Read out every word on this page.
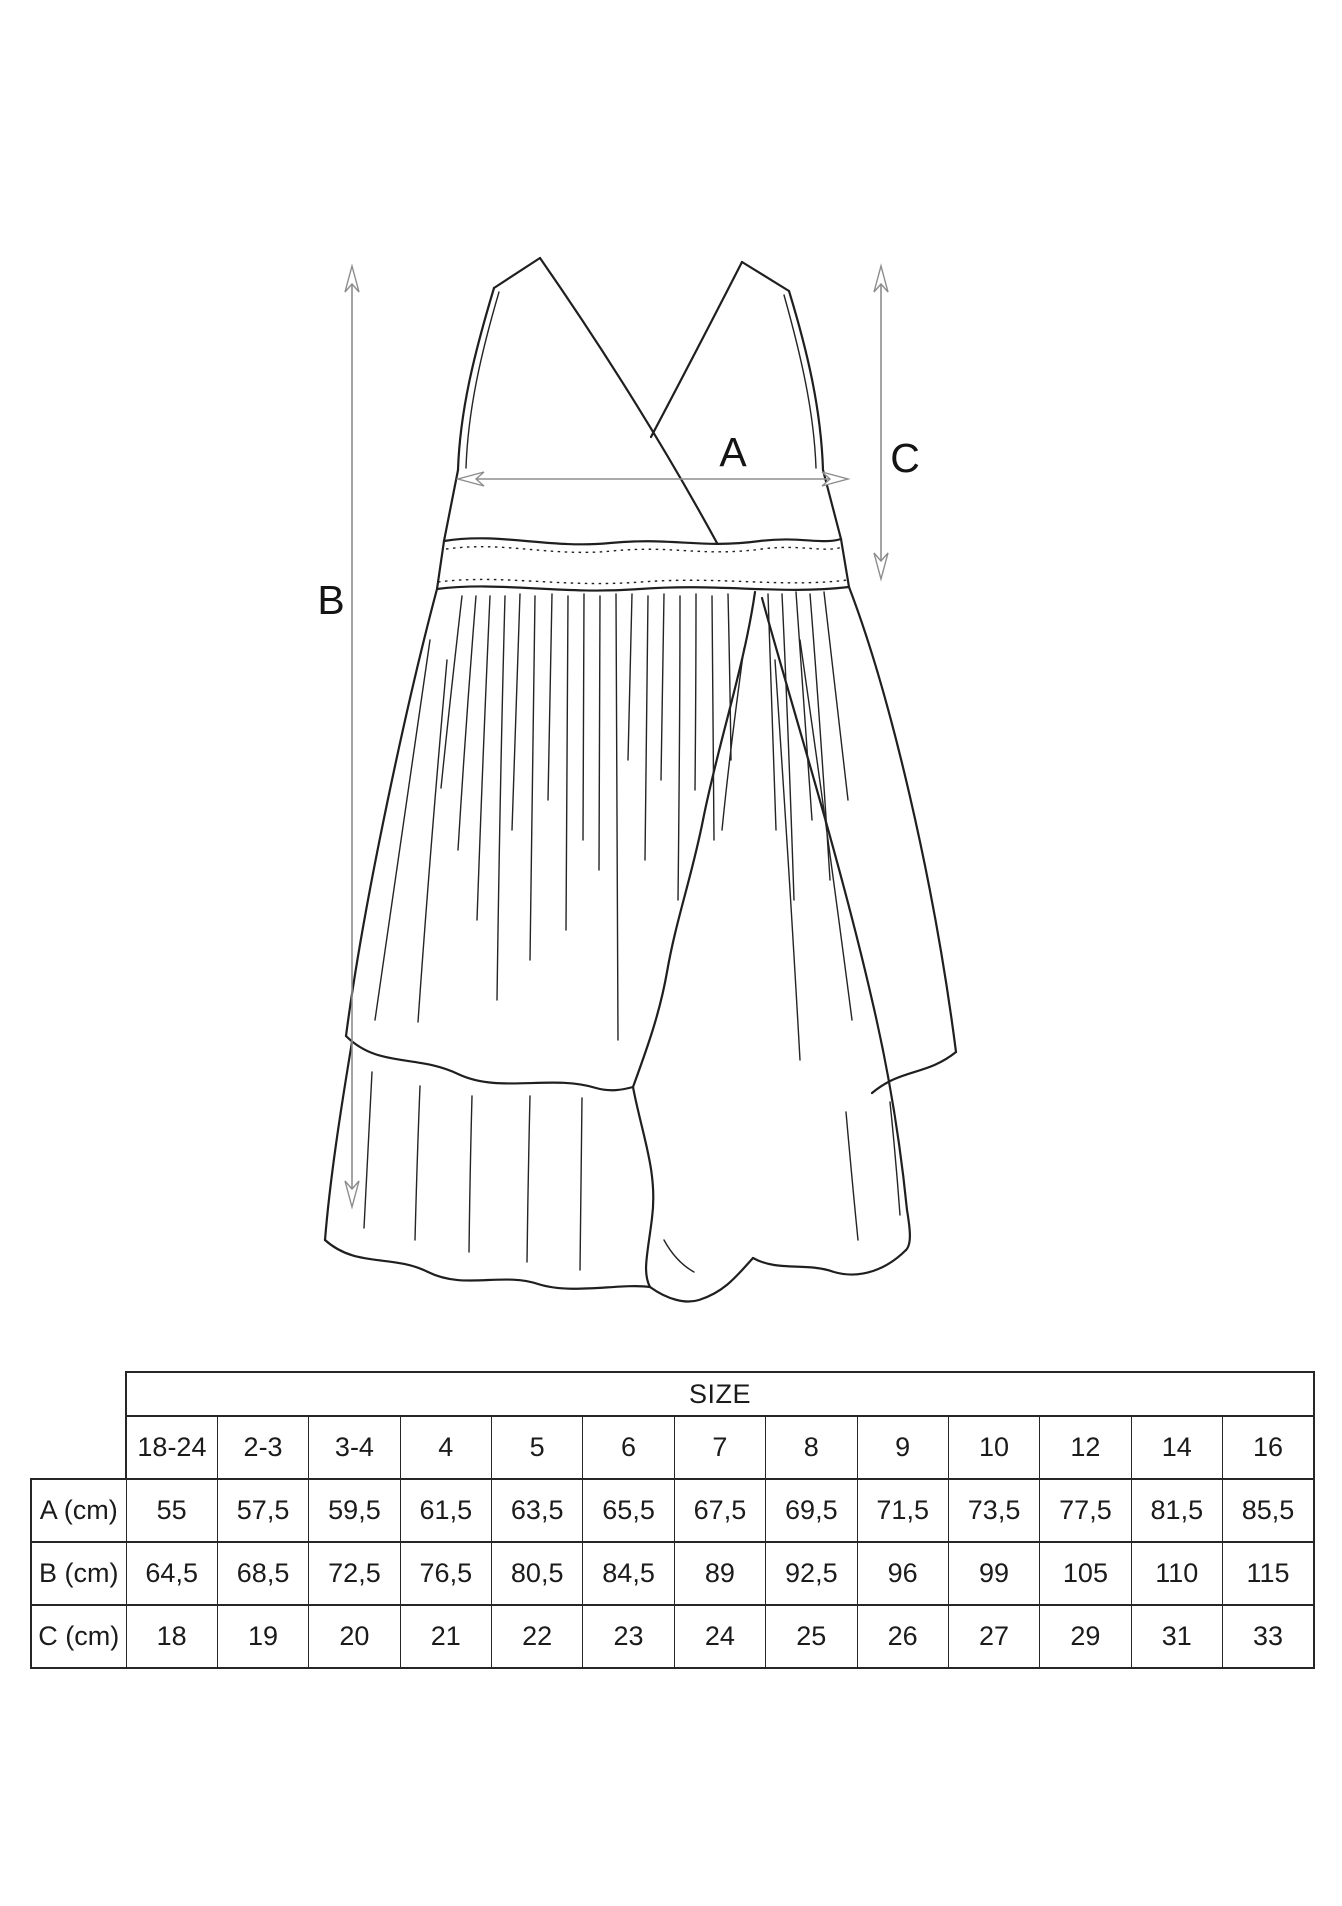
A
B
C
	SIZE												
	18-24	2-3	3-4	4	5	6	7	8	9	10	12	14	16
A (cm)	55	57,5	59,5	61,5	63,5	65,5	67,5	69,5	71,5	73,5	77,5	81,5	85,5
B (cm)	64,5	68,5	72,5	76,5	80,5	84,5	89	92,5	96	99	105	110	115
C (cm)	18	19	20	21	22	23	24	25	26	27	29	31	33
